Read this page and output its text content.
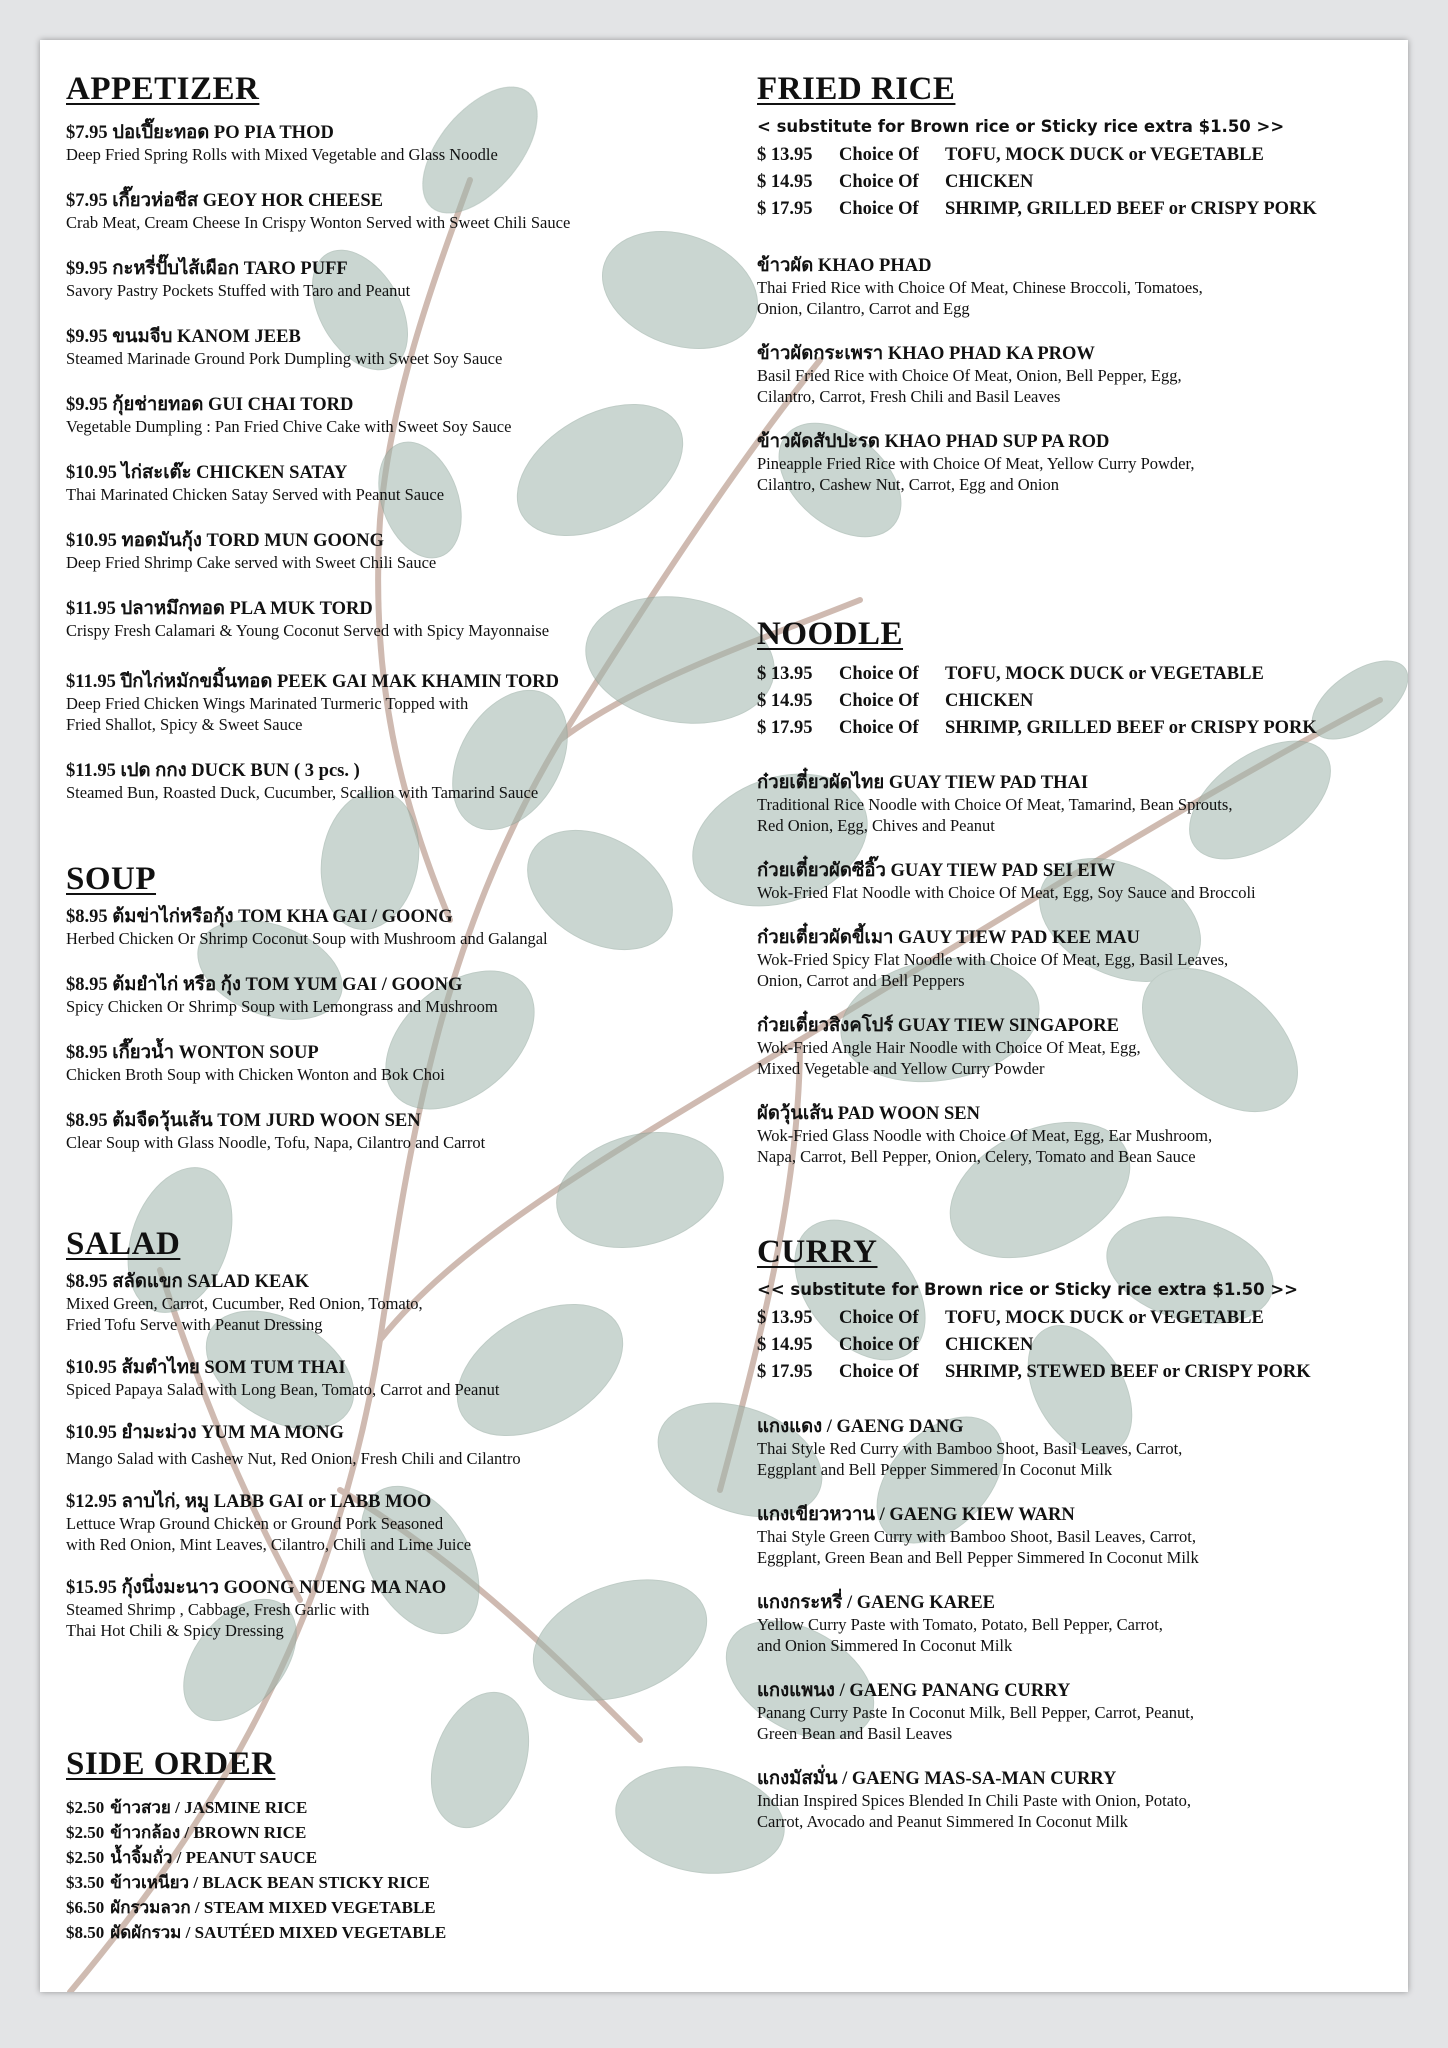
APPETIZER
$7.95 ปอเปี๊ยะทอด PO PIA THOD
Deep Fried Spring Rolls with Mixed Vegetable and Glass Noodle
$7.95 เกี๊ยวห่อชีส GEOY HOR CHEESE
Crab Meat, Cream Cheese In Crispy Wonton Served with Sweet Chili Sauce
$9.95 กะหรี่ปั๊บไส้เผือก TARO PUFF
Savory Pastry Pockets Stuffed with Taro and Peanut
$9.95 ขนมจีบ KANOM JEEB
Steamed Marinade Ground Pork Dumpling with Sweet Soy Sauce
$9.95 กุ้ยช่ายทอด GUI CHAI TORD
Vegetable Dumpling : Pan Fried Chive Cake with Sweet Soy Sauce
$10.95 ไก่สะเต๊ะ CHICKEN SATAY
Thai Marinated Chicken Satay Served with Peanut Sauce
$10.95 ทอดมันกุ้ง TORD MUN GOONG
Deep Fried Shrimp Cake served with Sweet Chili Sauce
$11.95 ปลาหมึกทอด PLA MUK TORD
Crispy Fresh Calamari & Young Coconut Served with Spicy Mayonnaise
$11.95 ปีกไก่หมักขมิ้นทอด PEEK GAI MAK KHAMIN TORD
Deep Fried Chicken Wings Marinated Turmeric Topped with
Fried Shallot, Spicy & Sweet Sauce
$11.95 เปด กกง DUCK BUN ( 3 pcs. )
Steamed Bun, Roasted Duck, Cucumber, Scallion with Tamarind Sauce
SOUP
$8.95 ต้มข่าไก่หรือกุ้ง TOM KHA GAI / GOONG
Herbed Chicken Or Shrimp Coconut Soup with Mushroom and Galangal
$8.95 ต้มยำไก่ หรือ กุ้ง TOM YUM GAI / GOONG
Spicy Chicken Or Shrimp Soup with Lemongrass and Mushroom
$8.95 เกี๊ยวน้ำ WONTON SOUP
Chicken Broth Soup with Chicken Wonton and Bok Choi
$8.95 ต้มจืดวุ้นเส้น TOM JURD WOON SEN
Clear Soup with Glass Noodle, Tofu, Napa, Cilantro and Carrot
SALAD
$8.95 สลัดแขก SALAD KEAK
Mixed Green, Carrot, Cucumber, Red Onion, Tomato,
Fried Tofu Serve with Peanut Dressing
$10.95 ส้มตำไทย SOM TUM THAI
Spiced Papaya Salad with Long Bean, Tomato, Carrot and Peanut
$10.95 ยำมะม่วง YUM MA MONG
Mango Salad with Cashew Nut, Red Onion, Fresh Chili and Cilantro
$12.95 ลาบไก่, หมู LABB GAI or LABB MOO
Lettuce Wrap Ground Chicken or Ground Pork Seasoned
with Red Onion, Mint Leaves, Cilantro, Chili and Lime Juice
$15.95 กุ้งนึ่งมะนาว GOONG NUENG MA NAO
Steamed Shrimp , Cabbage, Fresh Garlic with
Thai Hot Chili & Spicy Dressing
SIDE ORDER
$2.50 ข้าวสวย / JASMINE RICE
$2.50 ข้าวกล้อง / BROWN RICE
$2.50 น้ำจิ้มถั่ว / PEANUT SAUCE
$3.50 ข้าวเหนียว / BLACK BEAN STICKY RICE
$6.50 ผักรวมลวก / STEAM MIXED VEGETABLE
$8.50 ผัดผักรวม / SAUTÉED MIXED VEGETABLE
FRIED RICE
< substitute for Brown rice or Sticky rice extra $1.50 >>
$ 13.95 Choice Of TOFU, MOCK DUCK or VEGETABLE
$ 14.95 Choice Of CHICKEN
$ 17.95 Choice Of SHRIMP, GRILLED BEEF or CRISPY PORK
ข้าวผัด KHAO PHAD
Thai Fried Rice with Choice Of Meat, Chinese Broccoli, Tomatoes,
Onion, Cilantro, Carrot and Egg
ข้าวผัดกระเพรา KHAO PHAD KA PROW
Basil Fried Rice with Choice Of Meat, Onion, Bell Pepper, Egg,
Cilantro, Carrot, Fresh Chili and Basil Leaves
ข้าวผัดสัปปะรด KHAO PHAD SUP PA ROD
Pineapple Fried Rice with Choice Of Meat, Yellow Curry Powder,
Cilantro, Cashew Nut, Carrot, Egg and Onion
NOODLE
$ 13.95 Choice Of TOFU, MOCK DUCK or VEGETABLE
$ 14.95 Choice Of CHICKEN
$ 17.95 Choice Of SHRIMP, GRILLED BEEF or CRISPY PORK
ก๋วยเตี๋ยวผัดไทย GUAY TIEW PAD THAI
Traditional Rice Noodle with Choice Of Meat, Tamarind, Bean Sprouts,
Red Onion, Egg, Chives and Peanut
ก๋วยเตี๋ยวผัดซีอิ๊ว GUAY TIEW PAD SEI EIW
Wok-Fried Flat Noodle with Choice Of Meat, Egg, Soy Sauce and Broccoli
ก๋วยเตี๋ยวผัดขี้เมา GAUY TIEW PAD KEE MAU
Wok-Fried Spicy Flat Noodle with Choice Of Meat, Egg, Basil Leaves,
Onion, Carrot and Bell Peppers
ก๋วยเตี๋ยวสิงคโปร์ GUAY TIEW SINGAPORE
Wok-Fried Angle Hair Noodle with Choice Of Meat, Egg,
Mixed Vegetable and Yellow Curry Powder
ผัดวุ้นเส้น PAD WOON SEN
Wok-Fried Glass Noodle with Choice Of Meat, Egg, Ear Mushroom,
Napa, Carrot, Bell Pepper, Onion, Celery, Tomato and Bean Sauce
CURRY
<< substitute for Brown rice or Sticky rice extra $1.50 >>
$ 13.95 Choice Of TOFU, MOCK DUCK or VEGETABLE
$ 14.95 Choice Of CHICKEN
$ 17.95 Choice Of SHRIMP, STEWED BEEF or CRISPY PORK
แกงแดง / GAENG DANG
Thai Style Red Curry with Bamboo Shoot, Basil Leaves, Carrot,
Eggplant and Bell Pepper Simmered In Coconut Milk
แกงเขียวหวาน / GAENG KIEW WARN
Thai Style Green Curry with Bamboo Shoot, Basil Leaves, Carrot,
Eggplant, Green Bean and Bell Pepper Simmered In Coconut Milk
แกงกระหรี่ / GAENG KAREE
Yellow Curry Paste with Tomato, Potato, Bell Pepper, Carrot,
and Onion Simmered In Coconut Milk
แกงแพนง / GAENG PANANG CURRY
Panang Curry Paste In Coconut Milk, Bell Pepper, Carrot, Peanut,
Green Bean and Basil Leaves
แกงมัสมั่น / GAENG MAS-SA-MAN CURRY
Indian Inspired Spices Blended In Chili Paste with Onion, Potato,
Carrot, Avocado and Peanut Simmered In Coconut Milk
